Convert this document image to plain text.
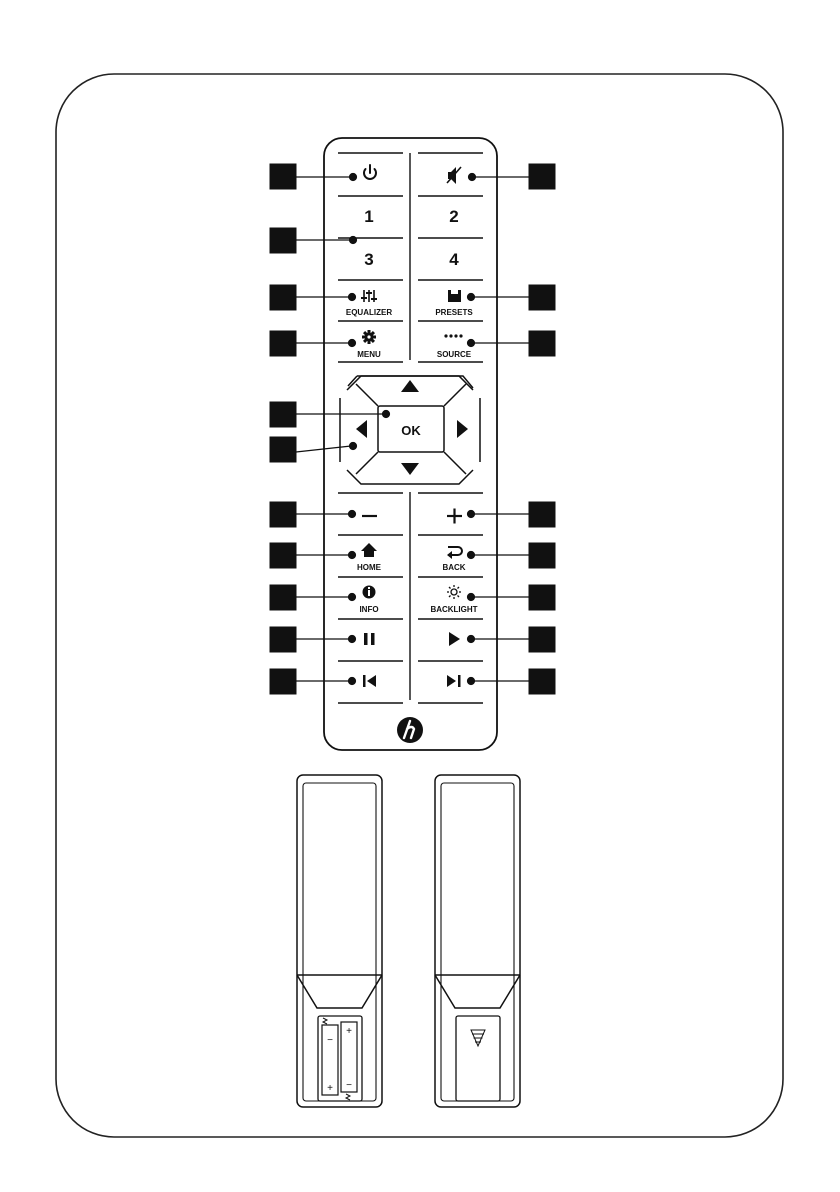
OK
1	2
3	4
EQUALIZER	PRESETS
MENU	SOURCE
HOME	BACK
INFO	BACKLIGHT
−
+
+
−
